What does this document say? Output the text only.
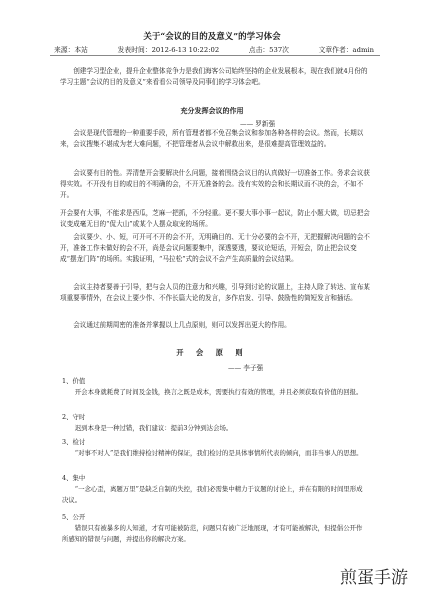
关于“会议的目的及意义”的学习体会
来源：本站	发表时间：2012-6-13 10:22:02	点击：537次	文章作者：admin

创建学习型企业，提升企业整体竞争力是我们海客公司始终坚持的企业发展根本，现在我们就4月份的学习主题“会议的目的及意义”来看看公司领导及同事们的学习体会吧。

充分发挥会议的作用

—— 罗新强

会议是现代管理的一种重要手段，所有管理者都不免召集会议和参加各种各样的会议。然而，长期以来，会议搜集不堪成为老大难问题，不把管理者从会议中解救出来，是很难提高管理效益的。

会议要有目的性。弄清楚开会要解决什么问题，接着围绕会议目的认真做好一切准备工作。务求会议获得实效。不开没有目的或目的不明确的会，不开无准备的会。没有实效的会和长期议而不决的会，不如不开。

开会要有大事，不能求是西瓜，芝麻一把抓，不分轻重。更不要大事小事一起议，防止小题大做，切忌把会议变成毫无目的“侃大山”或某个人摆众取宠的场所。

会议要少、小、短，可开可不开的会不开，无明确目的、无十分必要的会不开，无把握解决问题的会不开，准备工作未做好的会不开，尚是会议问题要集中，深透要透，要议论短话，开短会，防止把会议变成“摆龙门阵”的场所。实践证明，“马拉松”式的会议不会产生高质量的会议结果。

会议主持者要善于引导，把与会人员的注意力和兴趣，引导到讨论的议题上，主持人除了转达、宣布某项重要事情外，在会议上要少作、不作长篇大论的发言，多作启发、引导、鼓励性的简短发言和插话。

会议通过前期周密的准备并掌握以上几点原则，则可以发挥出更大的作用。

开 会 原 则

—— 李子强

1、价值

开会本身就耗费了时间及金钱，换言之既是成本，需要执行有效的管理，并且必须获取有价值的回报。

2、守时

迟到本身是一种过错，我们建议：提前3分钟到达会场。

3、检讨

“对事不对人”是我们维持检讨精神的保证，我们检讨的是具体事情所代表的倾向，而非当事人的思想。

4、集中

“一念心歪，离题万里”是缺乏自制的失控，我们必需集中精力于议题的讨论上，并在有限的时间里形成决议。

5、公开

错误只有被暴多的人知道，才有可能被防范，问题只有被广泛地展现，才有可能被解决，但提倡公开作所感知的错误与问题，并提出你的解决方案。

煎蛋手游
